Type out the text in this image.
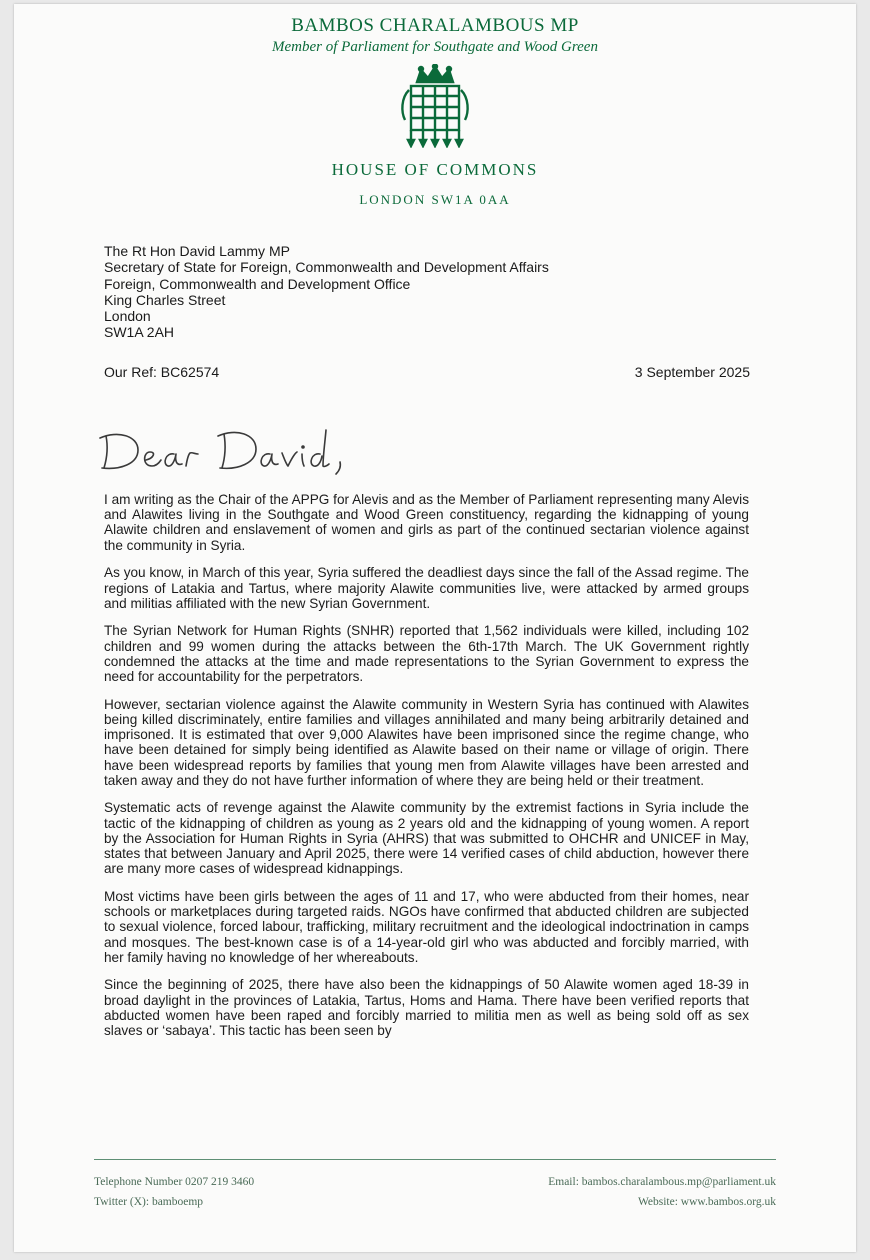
BAMBOS CHARALAMBOUS MP
Member of Parliament for Southgate and Wood Green
HOUSE OF COMMONS
LONDON SW1A 0AA
The Rt Hon David Lammy MP
Secretary of State for Foreign, Commonwealth and Development Affairs
Foreign, Commonwealth and Development Office
King Charles Street
London
SW1A 2AH
Our Ref: BC62574	3 September 2025

I am writing as the Chair of the APPG for Alevis and as the Member of Parliament representing many Alevis and Alawites living in the Southgate and Wood Green constituency, regarding the kidnapping of young Alawite children and enslavement of women and girls as part of the continued sectarian violence against the community in Syria.

As you know, in March of this year, Syria suffered the deadliest days since the fall of the Assad regime. The regions of Latakia and Tartus, where majority Alawite communities live, were attacked by armed groups and militias affiliated with the new Syrian Government.

The Syrian Network for Human Rights (SNHR) reported that 1,562 individuals were killed, including 102 children and 99 women during the attacks between the 6th-17th March. The UK Government rightly condemned the attacks at the time and made representations to the Syrian Government to express the need for accountability for the perpetrators.

However, sectarian violence against the Alawite community in Western Syria has continued with Alawites being killed discriminately, entire families and villages annihilated and many being arbitrarily detained and imprisoned. It is estimated that over 9,000 Alawites have been imprisoned since the regime change, who have been detained for simply being identified as Alawite based on their name or village of origin. There have been widespread reports by families that young men from Alawite villages have been arrested and taken away and they do not have further information of where they are being held or their treatment.

Systematic acts of revenge against the Alawite community by the extremist factions in Syria include the tactic of the kidnapping of children as young as 2 years old and the kidnapping of young women. A report by the Association for Human Rights in Syria (AHRS) that was submitted to OHCHR and UNICEF in May, states that between January and April 2025, there were 14 verified cases of child abduction, however there are many more cases of widespread kidnappings.

Most victims have been girls between the ages of 11 and 17, who were abducted from their homes, near schools or marketplaces during targeted raids. NGOs have confirmed that abducted children are subjected to sexual violence, forced labour, trafficking, military recruitment and the ideological indoctrination in camps and mosques. The best-known case is of a 14-year-old girl who was abducted and forcibly married, with her family having no knowledge of her whereabouts.

Since the beginning of 2025, there have also been the kidnappings of 50 Alawite women aged 18-39 in broad daylight in the provinces of Latakia, Tartus, Homs and Hama. There have been verified reports that abducted women have been raped and forcibly married to militia men as well as being sold off as sex slaves or ‘sabaya’. This tactic has been seen by

Telephone Number 0207 219 3460
Twitter (X): bamboemp
Email: bambos.charalambous.mp@parliament.uk
Website: www.bambos.org.uk
